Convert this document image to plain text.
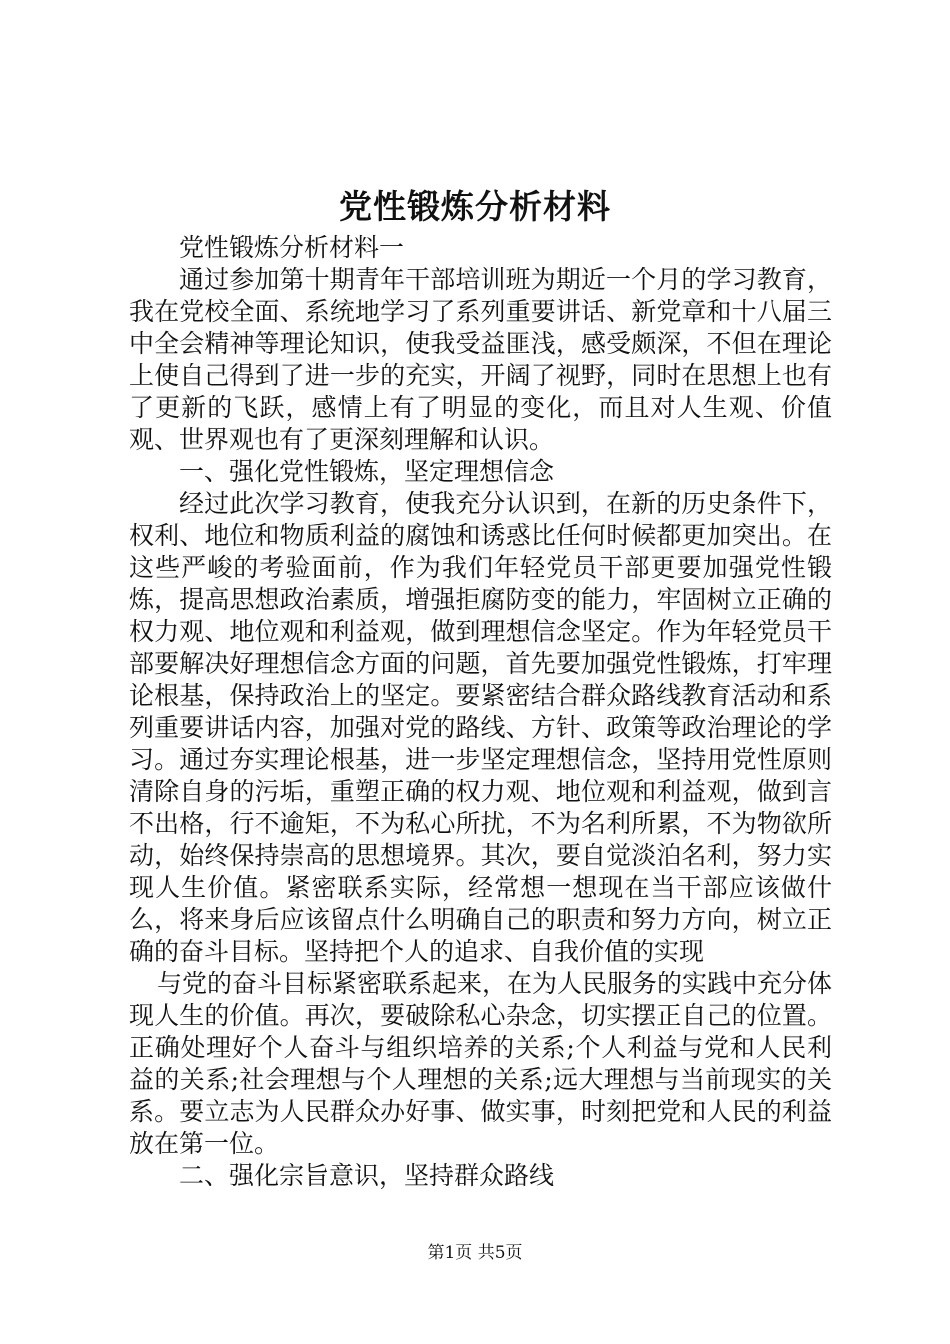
党性锻炼分析材料

党性锻炼分析材料一

通过参加第十期青年干部培训班为期近一个月的学习教育，我在党校全面、系统地学习了系列重要讲话、新党章和十八届三中全会精神等理论知识，使我受益匪浅，感受颇深，不但在理论上使自己得到了进一步的充实，开阔了视野，同时在思想上也有了更新的飞跃，感情上有了明显的变化，而且对人生观、价值观、世界观也有了更深刻理解和认识。

一、强化党性锻炼，坚定理想信念

经过此次学习教育，使我充分认识到，在新的历史条件下，权利、地位和物质利益的腐蚀和诱惑比任何时候都更加突出。在这些严峻的考验面前，作为我们年轻党员干部更要加强党性锻炼，提高思想政治素质，增强拒腐防变的能力，牢固树立正确的权力观、地位观和利益观，做到理想信念坚定。作为年轻党员干部要解决好理想信念方面的问题，首先要加强党性锻炼，打牢理论根基，保持政治上的坚定。要紧密结合群众路线教育活动和系列重要讲话内容，加强对党的路线、方针、政策等政治理论的学习。通过夯实理论根基，进一步坚定理想信念，坚持用党性原则清除自身的污垢，重塑正确的权力观、地位观和利益观，做到言不出格，行不逾矩，不为私心所扰，不为名利所累，不为物欲所动，始终保持崇高的思想境界。其次，要自觉淡泊名利，努力实现人生价值。紧密联系实际，经常想一想现在当干部应该做什么，将来身后应该留点什么明确自己的职责和努力方向，树立正确的奋斗目标。坚持把个人的追求、自我价值的实现

与党的奋斗目标紧密联系起来，在为人民服务的实践中充分体现人生的价值。再次，要破除私心杂念，切实摆正自己的位置。正确处理好个人奋斗与组织培养的关系;个人利益与党和人民利益的关系;社会理想与个人理想的关系;远大理想与当前现实的关系。要立志为人民群众办好事、做实事，时刻把党和人民的利益放在第一位。

二、强化宗旨意识，坚持群众路线

第1页 共5页
